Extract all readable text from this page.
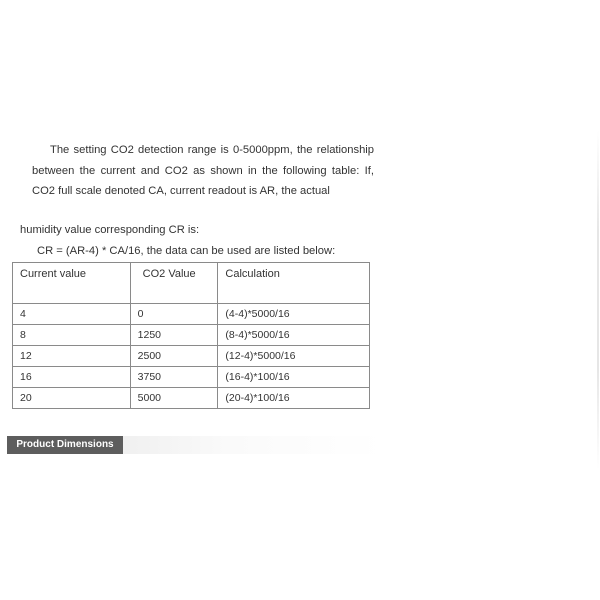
The setting CO2 detection range is 0-5000ppm, the relationship between the current and CO2 as shown in the following table: If, CO2 full scale denoted CA, current readout is AR, the actual

humidity value corresponding CR is:
CR = (AR-4) * CA/16, the data can be used are listed below:
Current value	CO2 Value	Calculation
4	0	(4-4)*5000/16
8	1250	(8-4)*5000/16
12	2500	(12-4)*5000/16
16	3750	(16-4)*100/16
20	5000	(20-4)*100/16
Product Dimensions
